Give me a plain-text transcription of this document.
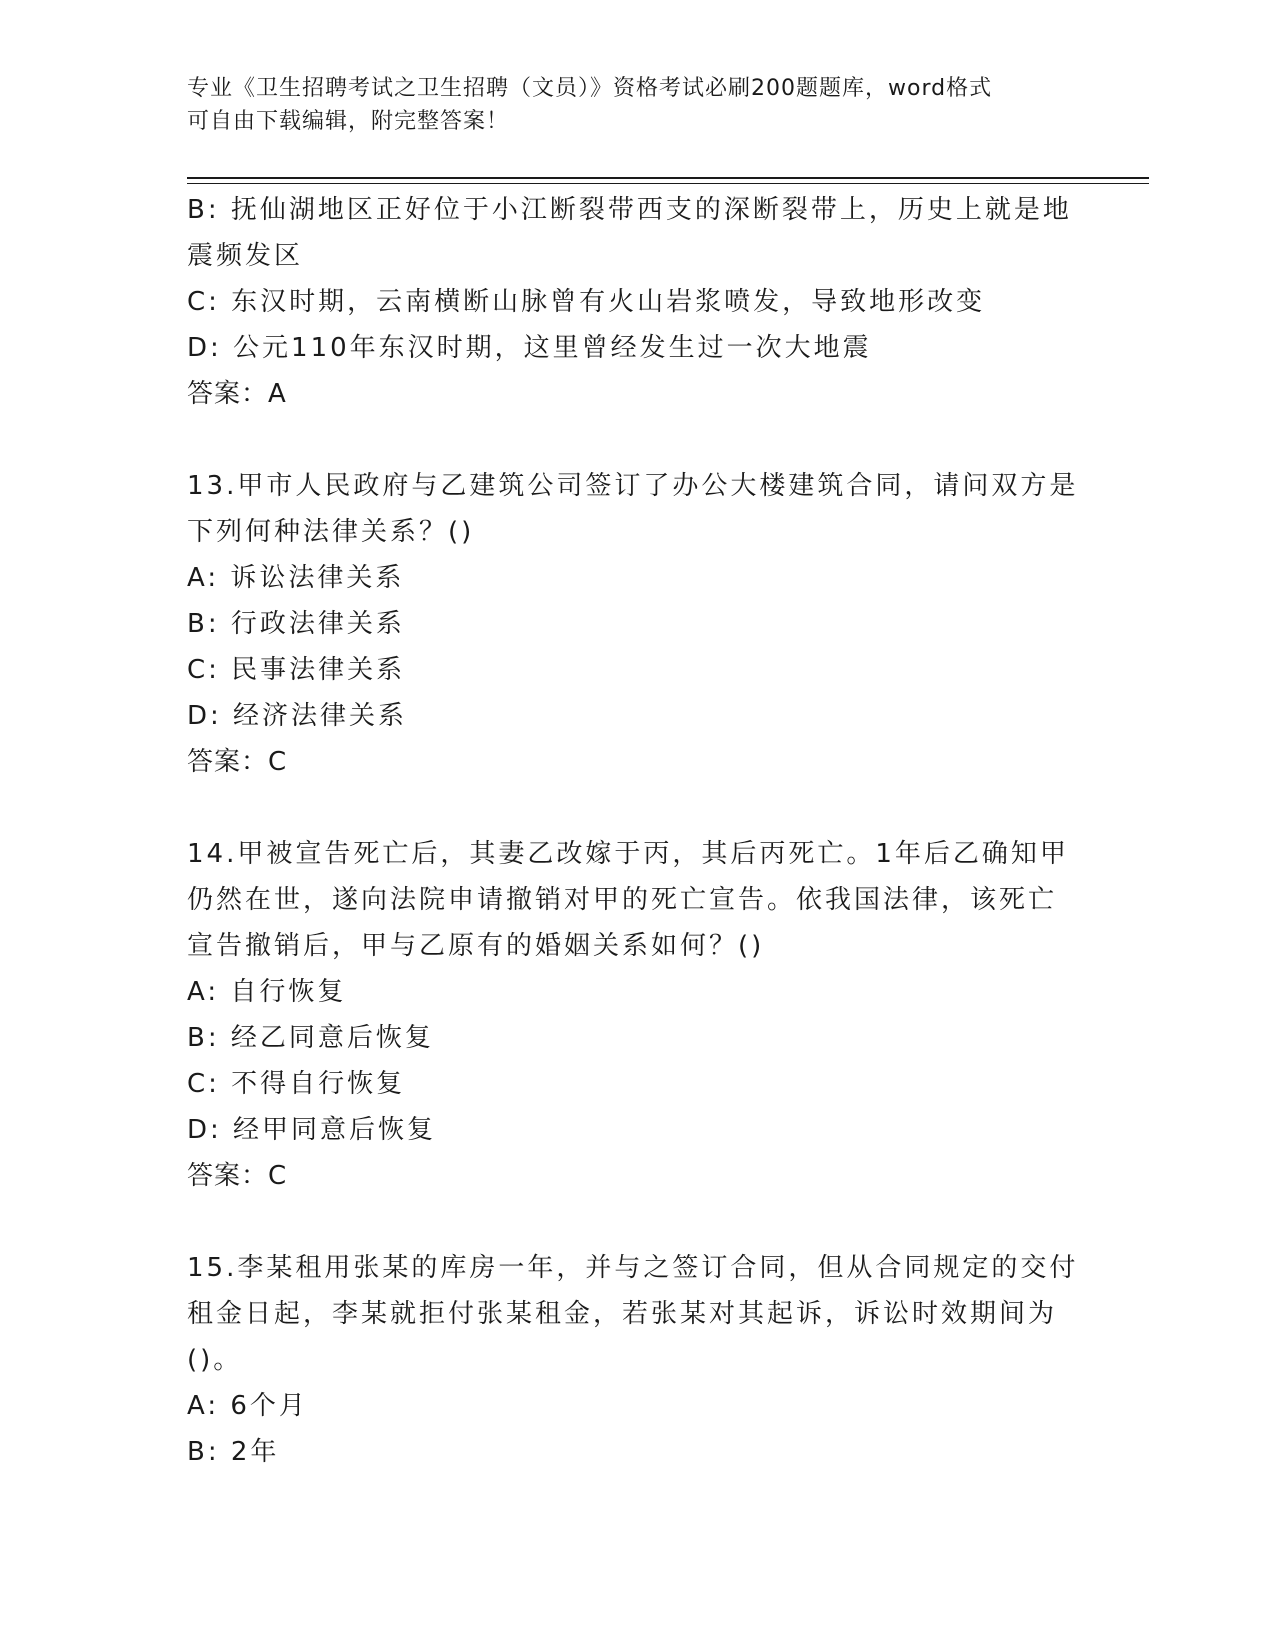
专业《卫生招聘考试之卫生招聘（文员）》资格考试必刷200题题库，word格式
可自由下载编辑，附完整答案！
B: 抚仙湖地区正好位于小江断裂带西支的深断裂带上，历史上就是地
震频发区
C: 东汉时期，云南横断山脉曾有火山岩浆喷发，导致地形改变
D: 公元110年东汉时期，这里曾经发生过一次大地震
答案：A
13.甲市人民政府与乙建筑公司签订了办公大楼建筑合同，请问双方是
下列何种法律关系？()
A: 诉讼法律关系
B: 行政法律关系
C: 民事法律关系
D: 经济法律关系
答案：C
14.甲被宣告死亡后，其妻乙改嫁于丙，其后丙死亡。1年后乙确知甲
仍然在世，遂向法院申请撤销对甲的死亡宣告。依我国法律，该死亡
宣告撤销后，甲与乙原有的婚姻关系如何？()
A: 自行恢复
B: 经乙同意后恢复
C: 不得自行恢复
D: 经甲同意后恢复
答案：C
15.李某租用张某的库房一年，并与之签订合同，但从合同规定的交付
租金日起，李某就拒付张某租金，若张某对其起诉，诉讼时效期间为
()。
A: 6个月
B: 2年
